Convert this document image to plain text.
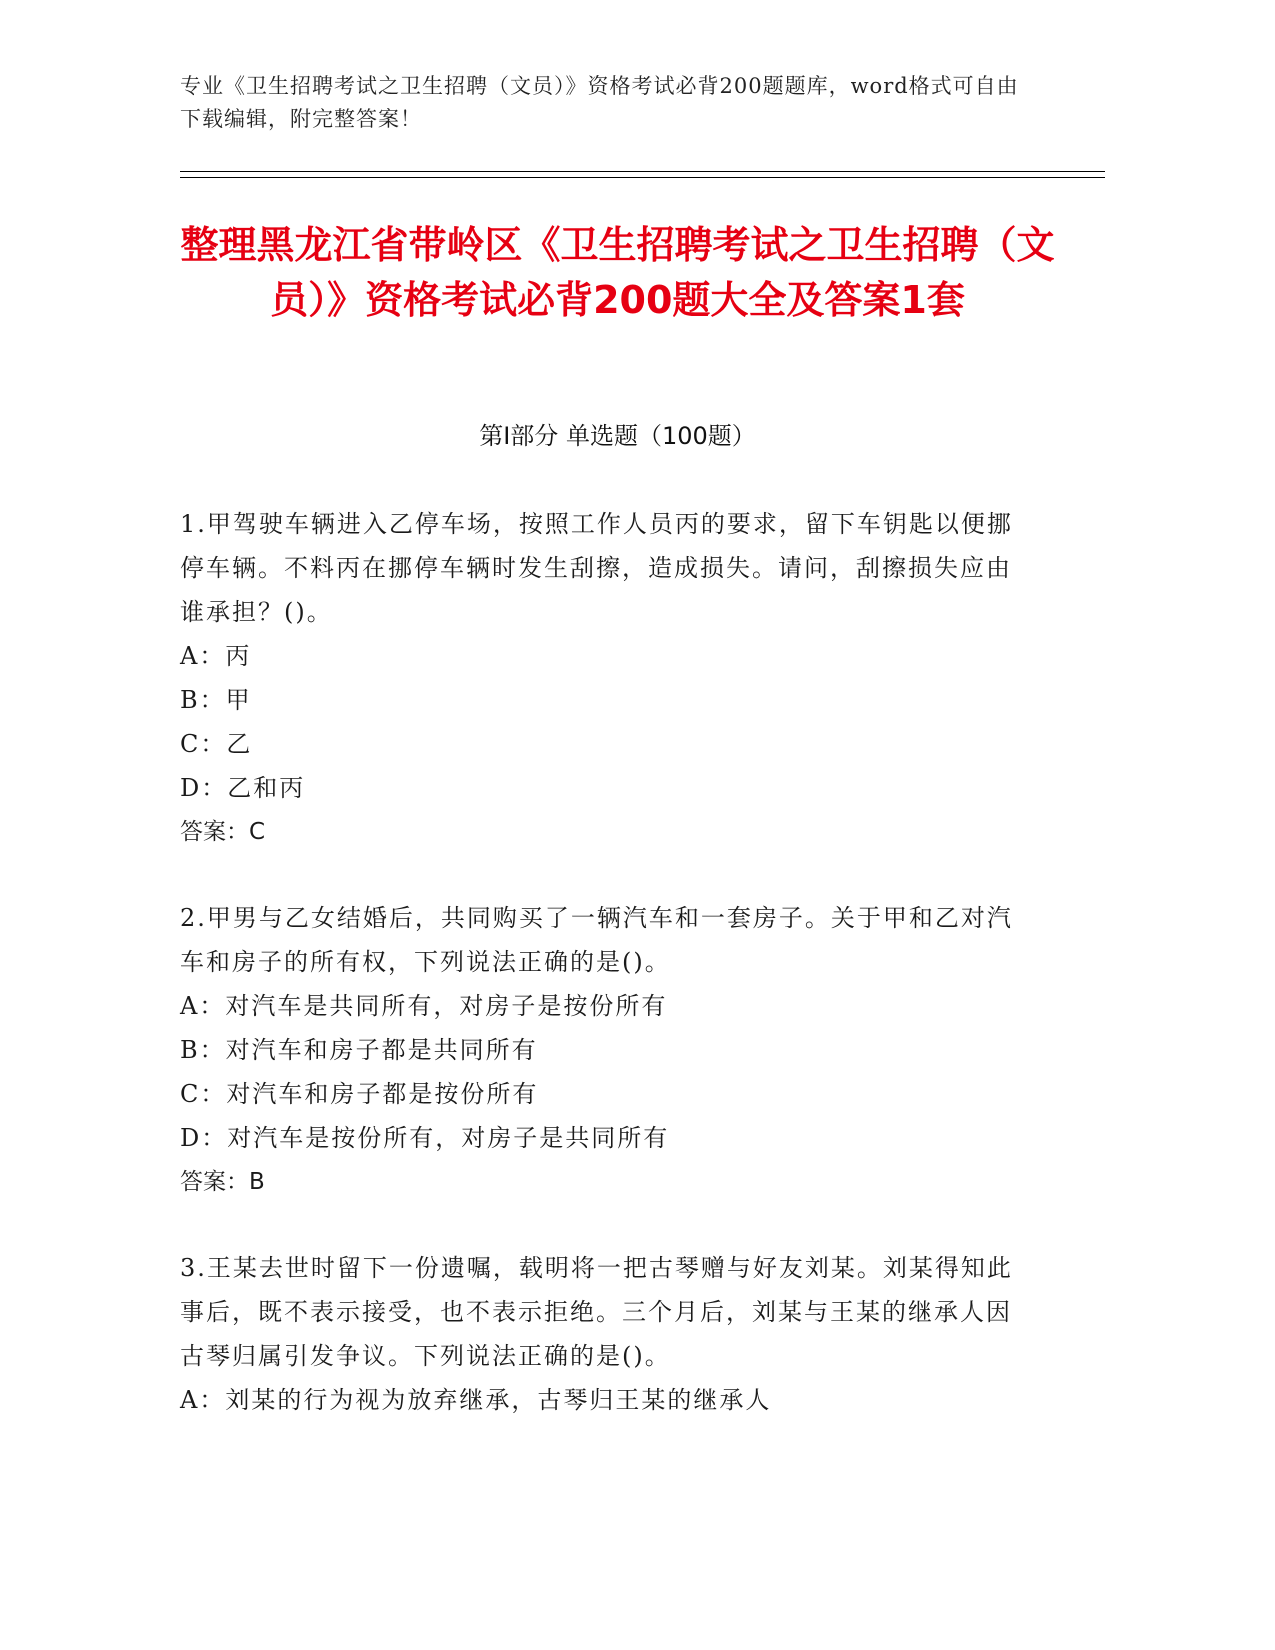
专业《卫生招聘考试之卫生招聘（文员）》资格考试必背200题题库，word格式可自由下载编辑，附完整答案！
整理黑龙江省带岭区《卫生招聘考试之卫生招聘（文员）》资格考试必背200题大全及答案1套
第Ⅰ部分 单选题（100题）

1.甲驾驶车辆进入乙停车场，按照工作人员丙的要求，留下车钥匙以便挪停车辆。不料丙在挪停车辆时发生刮擦，造成损失。请问，刮擦损失应由谁承担？()。

A：丙

B：甲

C：乙

D：乙和丙

答案：C

2.甲男与乙女结婚后，共同购买了一辆汽车和一套房子。关于甲和乙对汽车和房子的所有权，下列说法正确的是()。

A：对汽车是共同所有，对房子是按份所有

B：对汽车和房子都是共同所有

C：对汽车和房子都是按份所有

D：对汽车是按份所有，对房子是共同所有

答案：B

3.王某去世时留下一份遗嘱，载明将一把古琴赠与好友刘某。刘某得知此事后，既不表示接受，也不表示拒绝。三个月后，刘某与王某的继承人因古琴归属引发争议。下列说法正确的是()。

A：刘某的行为视为放弃继承，古琴归王某的继承人
